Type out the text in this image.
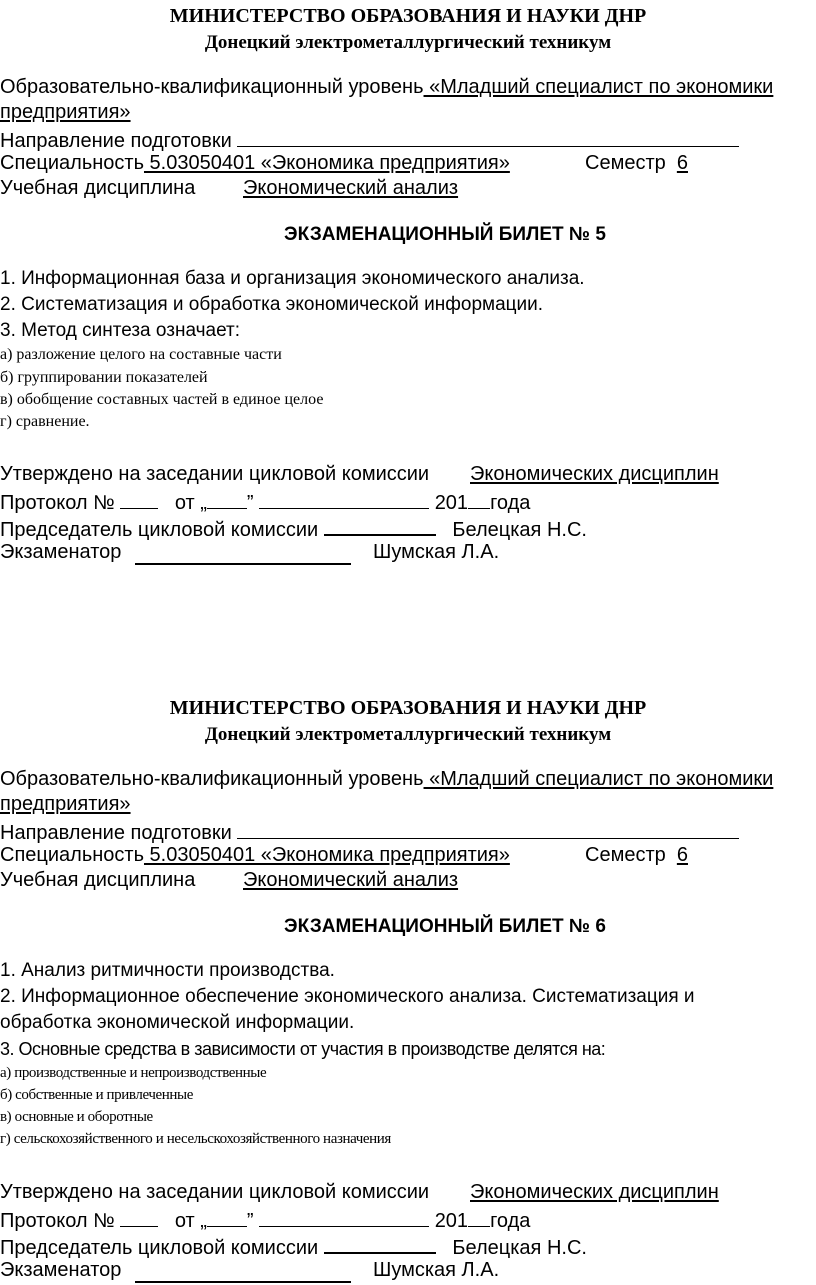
МИНИСТЕРСТВО ОБРАЗОВАНИЯ И НАУКИ ДНР
Донецкий электрометаллургический техникум
Образовательно-квалификационный уровень «Младший специалист по экономики
предприятия»
Направление подготовки
Специальность 5.03050401 «Экономика предприятия»	Семестр 6
Учебная дисциплина Экономический анализ
ЭКЗАМЕНАЦИОННЫЙ БИЛЕТ № 5
1. Информационная база и организация экономического анализа.
2. Систематизация и обработка экономической информации.
3. Метод синтеза означает:
а) разложение целого на составные части
б) группировании показателей
в) обобщение составных частей в единое целое
г) сравнение.
Утверждено на заседании цикловой комиссии Экономических дисциплин
Протокол №	от „ ”	201 года
Председатель цикловой комиссии	Белецкая Н.С.
Экзаменатор	Шумская Л.А.
МИНИСТЕРСТВО ОБРАЗОВАНИЯ И НАУКИ ДНР
Донецкий электрометаллургический техникум
Образовательно-квалификационный уровень «Младший специалист по экономики
предприятия»
Направление подготовки
Специальность 5.03050401 «Экономика предприятия»	Семестр 6
Учебная дисциплина Экономический анализ
ЭКЗАМЕНАЦИОННЫЙ БИЛЕТ № 6
1. Анализ ритмичности производства.
2. Информационное обеспечение экономического анализа. Систематизация и
обработка экономической информации.
3. Основные средства в зависимости от участия в производстве делятся на:
а) производственные и непроизводственные
б) собственные и привлеченные
в) основные и оборотные
г) сельскохозяйственного и несельскохозяйственного назначения
Утверждено на заседании цикловой комиссии Экономических дисциплин
Протокол №	от „ ”	201 года
Председатель цикловой комиссии	Белецкая Н.С.
Экзаменатор	Шумская Л.А.
